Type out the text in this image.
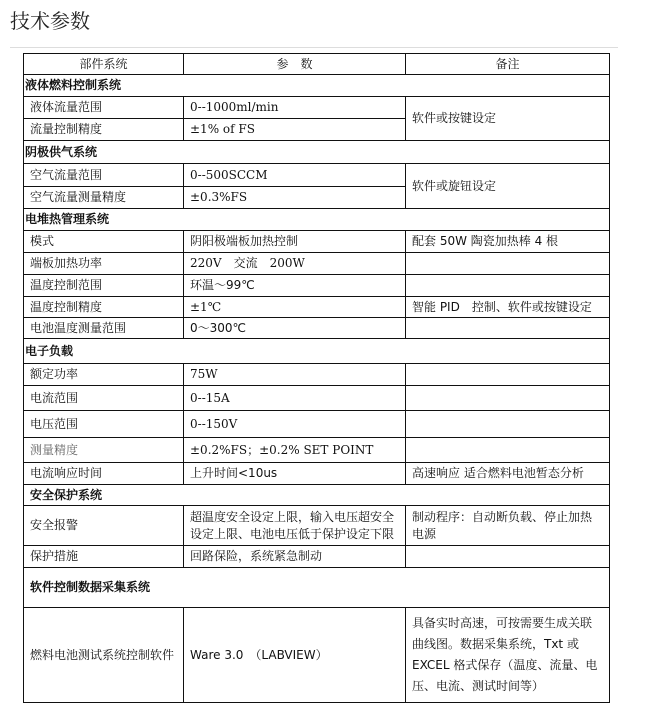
技术参数
部件系统	参　数	备注
液体燃料控制系统		
液体流量范围	0--1000ml/min	软件或按键设定
流量控制精度	±1% of FS	
阴极供气系统		
空气流量范围	0--500SCCM	软件或旋钮设定
空气流量测量精度	±0.3%FS	
电堆热管理系统		
模式	阴阳极端板加热控制	配套 50W 陶瓷加热棒 4 根
端板加热功率	220V　交流　200W	
温度控制范围	环温～99℃	
温度控制精度	±1℃	智能 PID　控制、软件或按键设定
电池温度测量范围	0～300℃	
电子负载		
额定功率	75W	
电流范围	0--15A	
电压范围	0--150V	
测量精度	±0.2%FS；±0.2% SET POINT	
电流响应时间	上升时间<10us	高速响应 适合燃料电池暂态分析
安全保护系统		
安全报警	超温度安全设定上限，输入电压超安全设定上限、电池电压低于保护设定下限	制动程序：自动断负载、停止加热电源
保护措施	回路保险，系统紧急制动	
软件控制数据采集系统		
燃料电池测试系统控制软件	Ware 3.0　（LABVIEW）	具备实时高速，可按需要生成关联曲线图。数据采集系统，Txt 或 EXCEL 格式保存（温度、流量、电压、电流、测试时间等）
